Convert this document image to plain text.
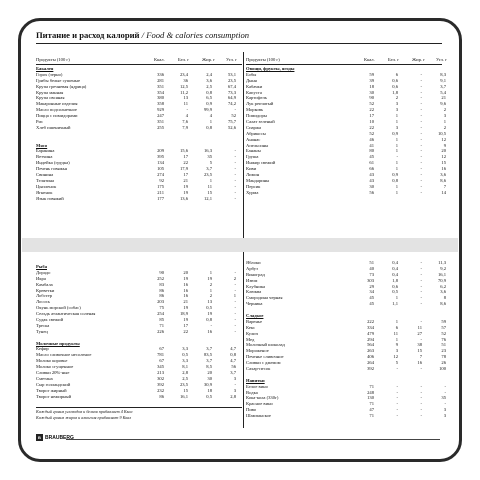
Питание и расход калорий / Food & calories consumption
Продукты (100 г)	Ккал.	Бел. г	Жир. г Угл. г Продукты (100 г)	Ккал.	Бел. г	Жир. г Угл. г
Бакалея
Горох (зерно)	336	23,4	2,4	53,1
Грибы белые сушеные	281	36	3,6	23,5
Крупа гречневая (ядрица)	351	12,5	2,5	67,4
Крупа манная	354	11,2	0,8	73,3
Крупа овсяная	380	13	6,5	64,9
Макаронные изделия	358	11	0,9	74,2
Масло подсолнечное	929	-	99,9	-
Пицца с помидорами	247	4	4	52
Рис	351	7,6	1	75,7
Хлеб пшеничный	255	7,9	0,8	52,6
Мясо
Баранина	209	15,6	16,3	-
Ветчина	395	17	35	-
Индейка (грудка)	134	22	5	-
Печень говяжья	105	17,9	3,7	-
Свинина	274	17	23,5	-
Телятина	92	21	1	-
Цыпленок	175	19	11	-
Ягненок	211	19	15	-
Язык говяжий	177	13,6	12,1	-
Овощи, фрукты, ягоды
Бобы	59	6	-	8,3
Дыня	39	0,6	-	9,1
Кабачки	18	0,6	-	3,7
Капуста	30	1,8	-	5,4
Картофель	90	2	-	21
Лук репчатый	52	3	-	9,6
Морковь	22	3	-	2
Помидоры	17	1	-	3
Салат зеленый	10	1	-	1
Спаржа	22	3	-	2
Абрикосы	52	0,9	-	10,5
Ананас	46	1	-	12
Апельсины	41	1	-	9
Бананы	80	1	-	20
Груша	45	-	-	12
Инжир свежий	61	1	-	15
Киви	66	1	-	16
Лимон	43	0,9	-	3,6
Мандарины	43	0,8	-	8,6
Персик	30	1	-	7
Хурма	56	1	-	14
Рыба
Дорадо	90	20	1	-
Икра	252	19	19	2
Камбала	83	16	2	-
Креветки	86	16	1	-
Лобстер	86	16	2	1
Лосось	203	21	13	-
Окунь морской (собас)	75	19	0,5	-
Сельдь атлантическая соленая	254	18,9	19	-
Судак свежий	85	19	0,8	-
Треска	71	17	-	-
Тунец	226	22	16	-
Молочные продукты
Кефир	67	3,3	3,7	4,7
Масло сливочное несоленое	781	0,5	83,5	0,8
Молоко коровье	67	3,3	3,7	4,7
Молоко сгущенное	345	8,1	8,5	56
Сливки 20%-ные	213	2,8	20	3,7
Сметана	302	2,5	30	3
Сыр голландский	392	23,5	30,9	-
Творог жирный	232	15	18	3
Творог нежирный	86	16,1	0,5	2,8
Яблоки	51	0,4	-	11,3
Арбуз	40	0,4	-	9,2
Виноград	73	0,4	-	16,1
Изюм	303	1,8	-	70,9
Клубника	29	0,6	-	6,2
Клюква	34	0,5	-	3,6
Смородина черная	45	1	-	8
Черника	45	1,1	-	8,6
Сладкое
Варенье	222	1	-	59
Кекс	334	6	11	57
Кулич	479	11	27	52
Мед	294	1	-	76
Молочный шоколад	564	9	38	51
Мороженое	263	3	15	23
Печенье сливочное	406	12	7	78
Сливки с джемом	264	5	16	26
Сахар-песок	392	-	-	100
Напитки
Белое вино	71	-	-	-
Водка	248	-	-	-
Кока-кола (330г)	130	-	-	35
Красное вино	71	-	-	-
Пиво	47	-	-	3
Шампанское	71	-	-	3
Каждый грамм углеводов и белков прибавляет 4 Ккал
Каждый грамм жиров и алкоголя прибавляет 9 Ккал
B BRAUBERG
